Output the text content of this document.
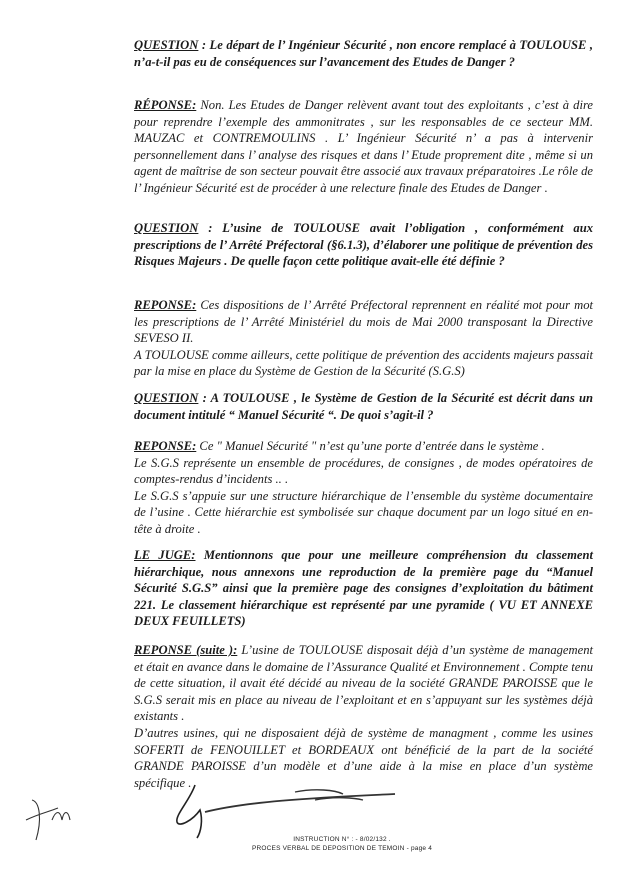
QUESTION : Le départ de l’ Ingénieur Sécurité , non encore remplacé à TOULOUSE , n’a-t-il pas eu de conséquences sur l’avancement des Etudes de Danger ?

RÉPONSE: Non. Les Etudes de Danger relèvent avant tout des exploitants , c’est à dire pour reprendre l’exemple des ammonitrates , sur les responsables de ce secteur MM. MAUZAC et CONTREMOULINS . L’ Ingénieur Sécurité n’ a pas à intervenir personnellement dans l’ analyse des risques et dans l’ Etude proprement dite , même si un agent de maîtrise de son secteur pouvait être associé aux travaux préparatoires .Le rôle de l’ Ingénieur Sécurité est de procéder à une relecture finale des Etudes de Danger .

QUESTION : L’usine de TOULOUSE avait l’obligation , conformément aux prescriptions de l’ Arrêté Préfectoral (§6.1.3), d’élaborer une politique de prévention des Risques Majeurs . De quelle façon cette politique avait-elle été définie ?

REPONSE: Ces dispositions de l’ Arrêté Préfectoral reprennent en réalité mot pour mot les prescriptions de l’ Arrêté Ministériel du mois de Mai 2000 transposant la Directive SEVESO II.

A TOULOUSE comme ailleurs, cette politique de prévention des accidents majeurs passait par la mise en place du Système de Gestion de la Sécurité (S.G.S)

QUESTION : A TOULOUSE , le Système de Gestion de la Sécurité est décrit dans un document intitulé “ Manuel Sécurité “. De quoi s’agit-il ?

REPONSE: Ce " Manuel Sécurité " n’est qu’une porte d’entrée dans le système .

Le S.G.S représente un ensemble de procédures, de consignes , de modes opératoires de comptes-rendus d’incidents .. .

Le S.G.S s’appuie sur une structure hiérarchique de l’ensemble du système documentaire de l’usine . Cette hiérarchie est symbolisée sur chaque document par un logo situé en en-tête à droite .

LE JUGE: Mentionnons que pour une meilleure compréhension du classement hiérarchique, nous annexons une reproduction de la première page du “Manuel Sécurité S.G.S” ainsi que la première page des consignes d’exploitation du bâtiment 221. Le classement hiérarchique est représenté par une pyramide ( VU ET ANNEXE DEUX FEUILLETS)

REPONSE (suite ): L’usine de TOULOUSE disposait déjà d’un système de management et était en avance dans le domaine de l’Assurance Qualité et Environnement . Compte tenu de cette situation, il avait été décidé au niveau de la société GRANDE PAROISSE que le S.G.S serait mis en place au niveau de l’exploitant et en s’appuyant sur les systèmes déjà existants .

D’autres usines, qui ne disposaient déjà de système de managment , comme les usines SOFERTI de FENOUILLET et BORDEAUX ont bénéficié de la part de la société GRANDE PAROISSE d’un modèle et d’une aide à la mise en place d’un système spécifique .

INSTRUCTION N° : - 8/02/132 .
PROCES VERBAL DE DEPOSITION DE TEMOIN - page 4
